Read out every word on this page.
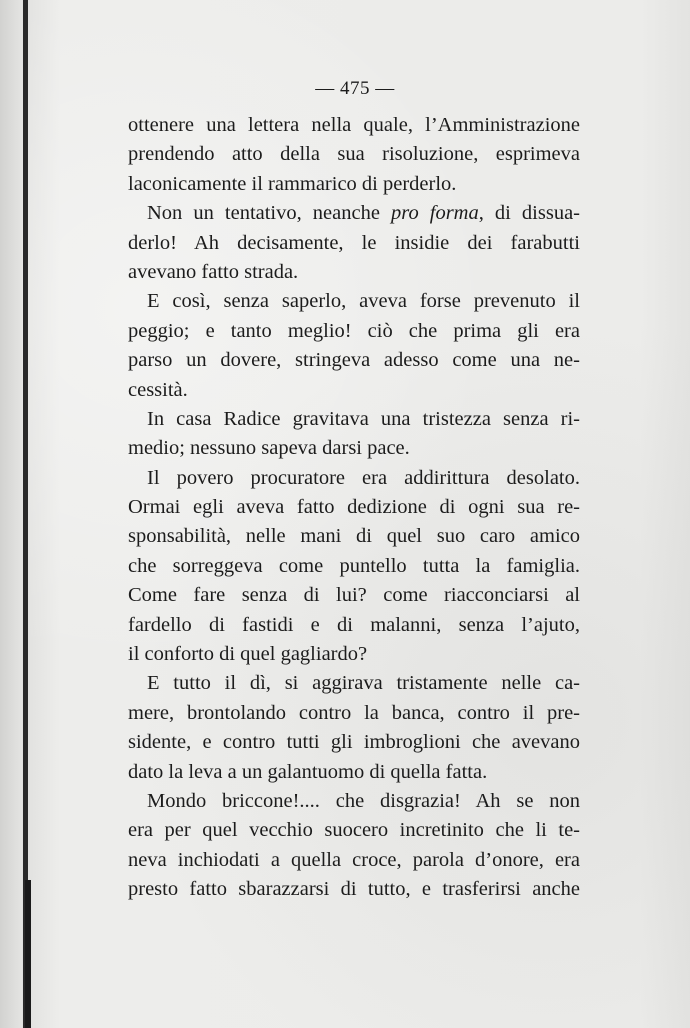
— 475 —
ottenere una lettera nella quale, l’Amministrazione
prendendo atto della sua risoluzione, esprimeva
laconicamente il rammarico di perderlo.
Non un tentativo, neanche pro forma, di dissua-
derlo! Ah decisamente, le insidie dei farabutti
avevano fatto strada.
E così, senza saperlo, aveva forse prevenuto il
peggio; e tanto meglio! ciò che prima gli era
parso un dovere, stringeva adesso come una ne-
cessità.
In casa Radice gravitava una tristezza senza ri-
medio; nessuno sapeva darsi pace.
Il povero procuratore era addirittura desolato.
Ormai egli aveva fatto dedizione di ogni sua re-
sponsabilità, nelle mani di quel suo caro amico
che sorreggeva come puntello tutta la famiglia.
Come fare senza di lui? come riacconciarsi al
fardello di fastidi e di malanni, senza l’ajuto,
il conforto di quel gagliardo?
E tutto il dì, si aggirava tristamente nelle ca-
mere, brontolando contro la banca, contro il pre-
sidente, e contro tutti gli imbroglioni che avevano
dato la leva a un galantuomo di quella fatta.
Mondo briccone!.... che disgrazia! Ah se non
era per quel vecchio suocero incretinito che li te-
neva inchiodati a quella croce, parola d’onore, era
presto fatto sbarazzarsi di tutto, e trasferirsi anche
